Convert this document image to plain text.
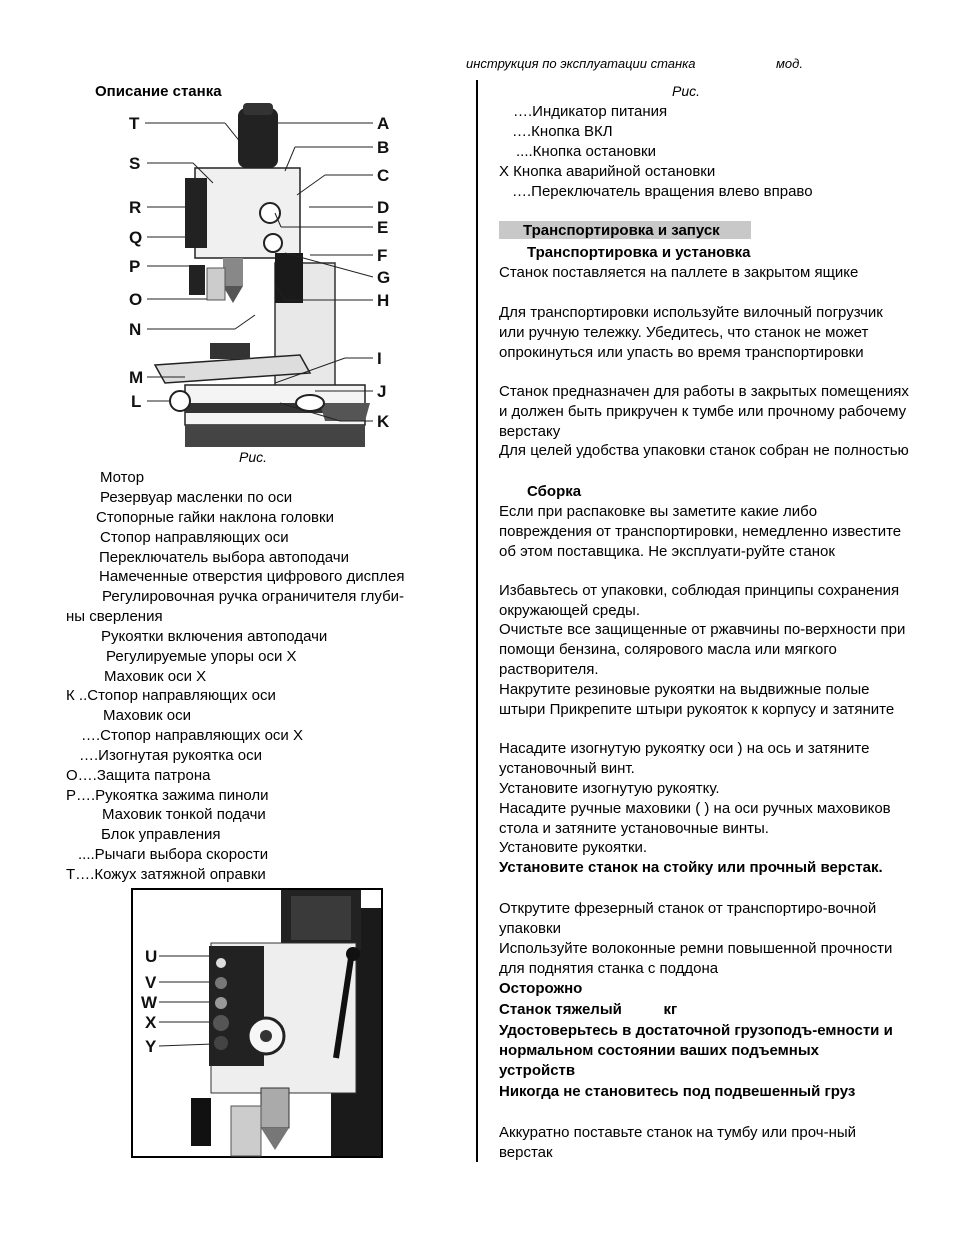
инструкция по эксплуатации станка	мод.
Описание станка
T
S
R
Q
P
O
N
M
L
A
B
C
D
E
F
G
H
I
J
K
Рис.
Мотор
Резервуар масленки по оси
Стопорные гайки наклона головки
Стопор направляющих оси
Переключатель выбора автоподачи
Намеченные отверстия цифрового дисплея
Регулировочная ручка ограничителя глуби-
ны сверления
Рукоятки включения автоподачи
Регулируемые упоры оси X
Маховик оси X
К ..Стопор направляющих оси
Маховик оси
….Стопор направляющих оси X
….Изогнутая рукоятка оси
О….Защита патрона
Р….Рукоятка зажима пиноли
Маховик тонкой подачи
Блок управления
....Рычаги выбора скорости
T….Кожух затяжной оправки
U
V
W
X
Y
Рис.
….Индикатор питания
….Кнопка ВКЛ
....Кнопка остановки
X Кнопка аварийной остановки
….Переключатель вращения влево вправо
Транспортировка и запуск
Транспортировка и установка
Станок поставляется на паллете в закрытом ящике
Для транспортировки используйте вилочный погрузчик или ручную тележку. Убедитесь, что станок не может опрокинуться или упасть во время транспортировки
Станок предназначен для работы в закрытых помещениях и должен быть прикручен к тумбе или прочному рабочему верстаку
Для целей удобства упаковки станок собран не полностью
Сборка
Если при распаковке вы заметите какие либо повреждения от транспортировки, немедленно известите об этом поставщика. Не эксплуати-руйте станок
Избавьтесь от упаковки, соблюдая принципы сохранения окружающей среды.
Очистьте все защищенные от ржавчины по-верхности при помощи бензина, солярового масла или мягкого растворителя.
Накрутите резиновые рукоятки на выдвижные полые штыри Прикрепите штыри рукояток к корпусу и затяните
Насадите изогнутую рукоятку оси ) на ось и затяните установочный винт.
Установите изогнутую рукоятку.
Насадите ручные маховики ( ) на оси ручных маховиков стола и затяните установочные винты.
Установите рукоятки.
Установите станок на стойку или прочный верстак.
Открутите фрезерный станок от транспортиро-вочной упаковки
Используйте волоконные ремни повышенной прочности для поднятия станка с поддона
Осторожно
Станок тяжелый          кг
Удостоверьтесь в достаточной грузоподъ-емности и нормальном состоянии ваших подъемных устройств
Никогда не становитесь под подвешенный груз
Аккуратно поставьте станок на тумбу или проч-ный верстак
